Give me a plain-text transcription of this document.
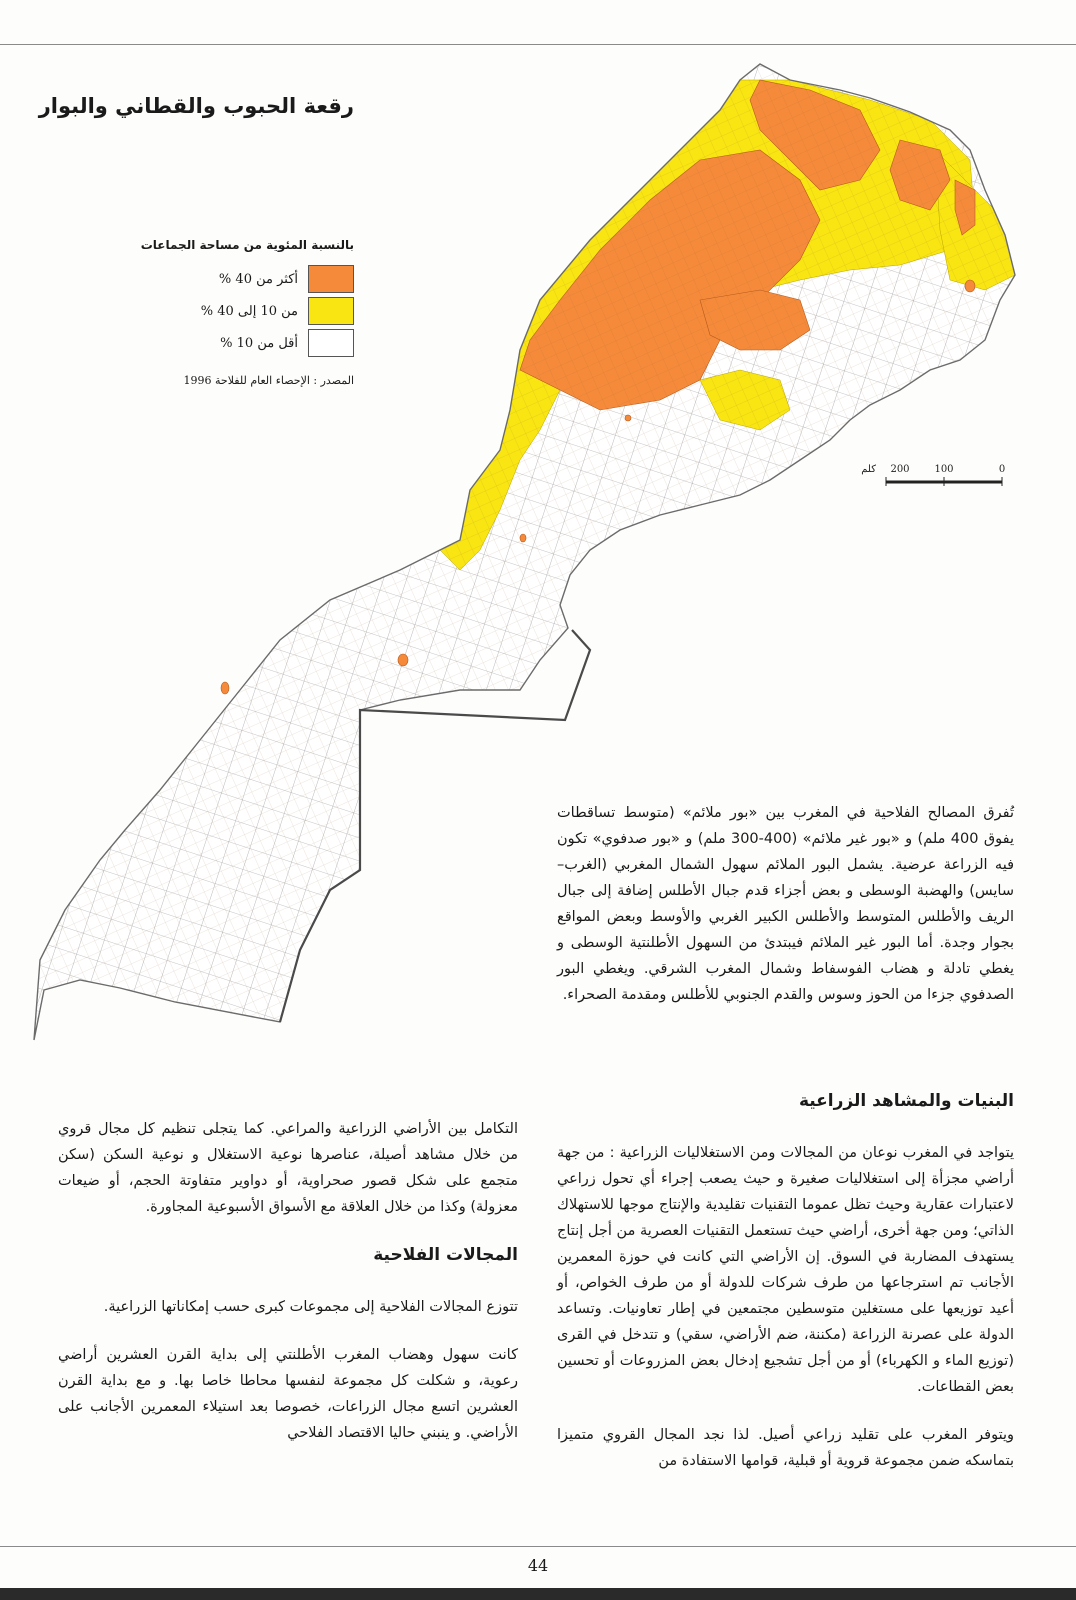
رقعة الحبوب والقطاني والبوار
بالنسبة المئوية من مساحة الجماعات
أكثر من 40 %
من 10 إلى 40 %
أقل من 10 %
المصدر : الإحصاء العام للفلاحة 1996
0
100
200
كلم

تُفرق المصالح الفلاحية في المغرب بين «بور ملائم» (متوسط تساقطات يفوق 400 ملم) و «بور غير ملائم» (400-300 ملم) و «بور صدفوي» تكون فيه الزراعة عرضية. يشمل البور الملائم سهول الشمال المغربي (الغرب–سايس) والهضبة الوسطى و بعض أجزاء قدم جبال الأطلس إضافة إلى جبال الريف والأطلس المتوسط والأطلس الكبير الغربي والأوسط وبعض المواقع بجوار وجدة. أما البور غير الملائم فيبتدئ من السهول الأطلنتية الوسطى و يغطي تادلة و هضاب الفوسفاط وشمال المغرب الشرقي. ويغطي البور الصدفوي جزءا من الحوز وسوس والقدم الجنوبي للأطلس ومقدمة الصحراء.

البنيات والمشاهد الزراعية

يتواجد في المغرب نوعان من المجالات ومن الاستغلاليات الزراعية : من جهة أراضي مجزأة إلى استغلاليات صغيرة و حيث يصعب إجراء أي تحول زراعي لاعتبارات عقارية وحيث تظل عموما التقنيات تقليدية والإنتاج موجها للاستهلاك الذاتي؛ ومن جهة أخرى، أراضي حيث تستعمل التقنيات العصرية من أجل إنتاج يستهدف المضاربة في السوق. إن الأراضي التي كانت في حوزة المعمرين الأجانب تم استرجاعها من طرف شركات للدولة أو من طرف الخواص، أو أعيد توزيعها على مستغلين متوسطين مجتمعين في إطار تعاونيات. وتساعد الدولة على عصرنة الزراعة (مكننة، ضم الأراضي، سقي) و تتدخل في القرى (توزيع الماء و الكهرباء) أو من أجل تشجيع إدخال بعض المزروعات أو تحسين بعض القطاعات.

ويتوفر المغرب على تقليد زراعي أصيل. لذا نجد المجال القروي متميزا بتماسكه ضمن مجموعة قروية أو قبلية، قوامها الاستفادة من

التكامل بين الأراضي الزراعية والمراعي. كما يتجلى تنظيم كل مجال قروي من خلال مشاهد أصيلة، عناصرها نوعية الاستغلال و نوعية السكن (سكن متجمع على شكل قصور صحراوية، أو دواوير متفاوتة الحجم، أو ضيعات معزولة) وكذا من خلال العلاقة مع الأسواق الأسبوعية المجاورة.

المجالات الفلاحية

تتوزع المجالات الفلاحية إلى مجموعات كبرى حسب إمكاناتها الزراعية.

كانت سهول وهضاب المغرب الأطلنتي إلى بداية القرن العشرين أراضي رعوية، و شكلت كل مجموعة لنفسها محاطا خاصا بها. و مع بداية القرن العشرين اتسع مجال الزراعات، خصوصا بعد استيلاء المعمرين الأجانب على الأراضي. و ينبني حاليا الاقتصاد الفلاحي

44
